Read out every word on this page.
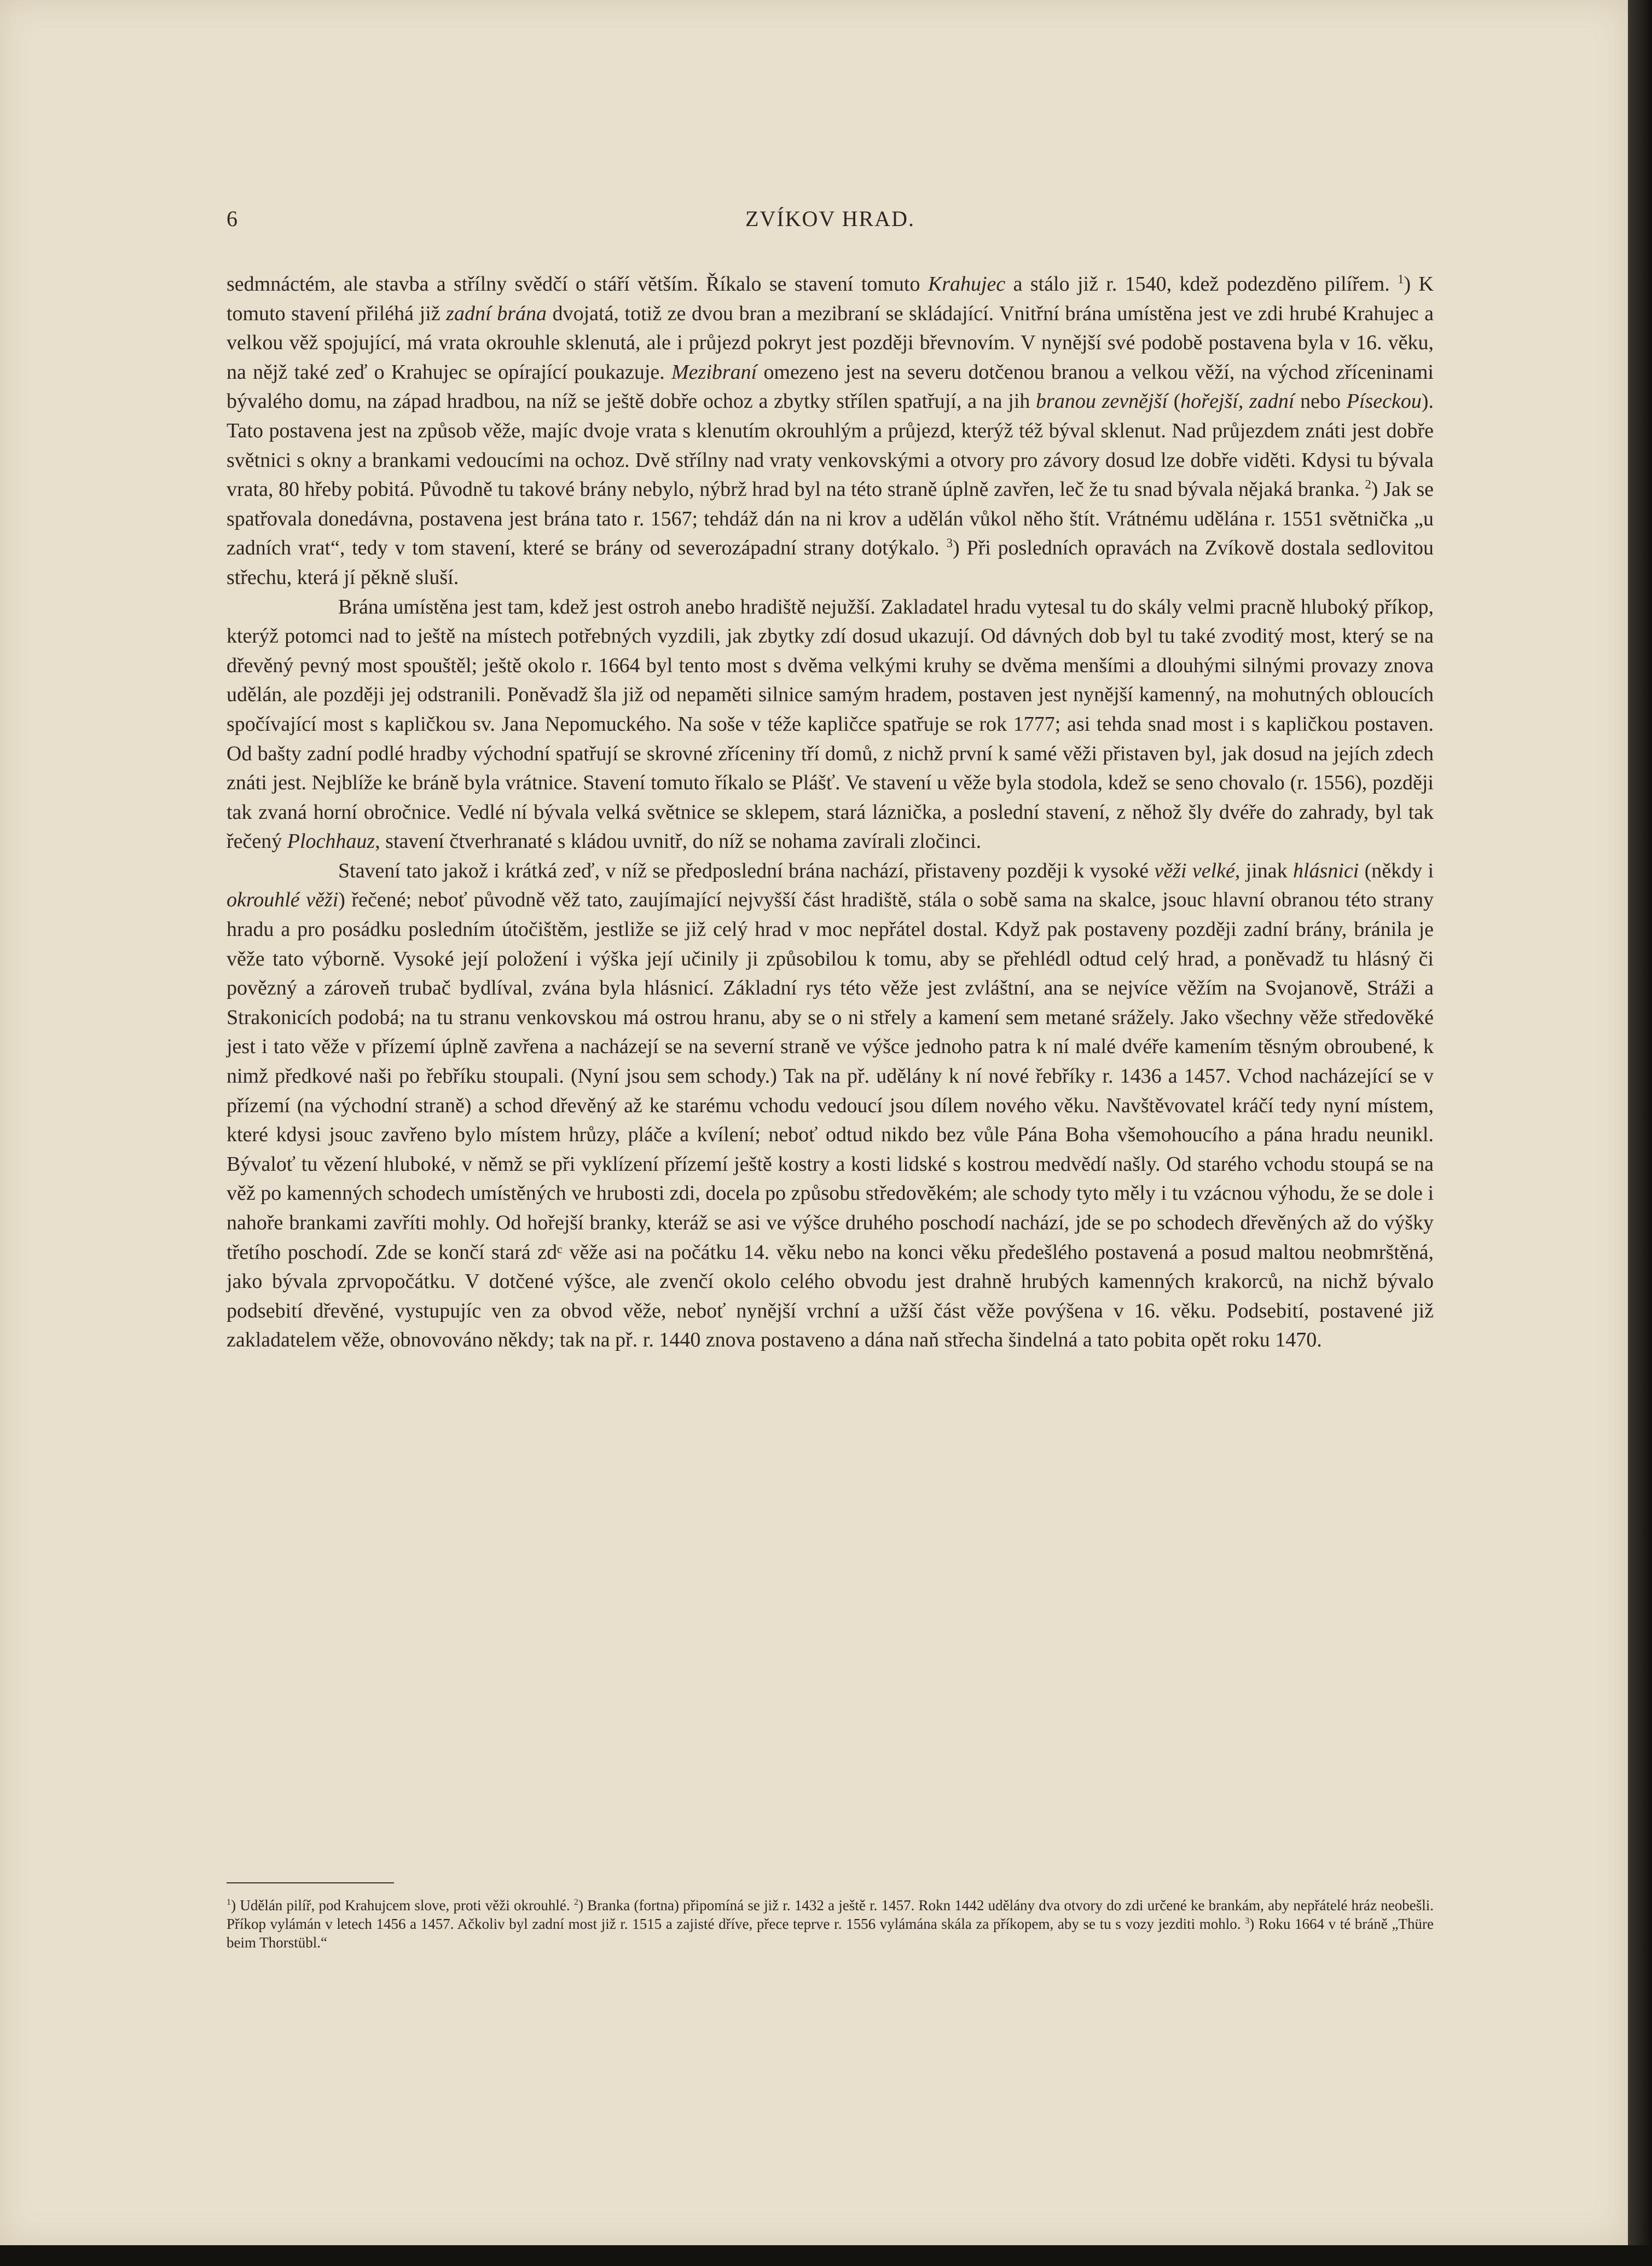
6	ZVÍKOV HRAD.

sedmnáctém, ale stavba a střílny svědčí o stáří větším. Říkalo se stavení tomuto Krahujec a stálo již r. 1540, kdež podezděno pilířem. $^1$) K tomuto stavení přiléhá již zadní brána dvojatá, totiž ze dvou bran a mezibraní se skládající. Vnitřní brána umístěna jest ve zdi hrubé Krahujec a velkou věž spojující, má vrata okrouhle sklenutá, ale i průjezd pokryt jest později břevnovím. V nynější své podobě postavena byla v 16. věku, na nějž také zeď o Krahujec se opírající poukazuje. Mezibraní omezeno jest na severu dotčenou branou a velkou věží, na východ zříceninami bývalého domu, na západ hradbou, na níž se ještě dobře ochoz a zbytky střílen spatřují, a na jih branou zevnější (hořejší, zadní nebo Píseckou). Tato postavena jest na způsob věže, majíc dvoje vrata s klenutím okrouhlým a průjezd, kterýž též býval sklenut. Nad průjezdem znáti jest dobře světnici s okny a brankami vedoucími na ochoz. Dvě střílny nad vraty venkovskými a otvory pro závory dosud lze dobře viděti. Kdysi tu bývala vrata, 80 hřeby pobitá. Původně tu takové brány nebylo, nýbrž hrad byl na této straně úplně zavřen, leč že tu snad bývala nějaká branka. $^2$) Jak se spatřovala donedávna, postavena jest brána tato r. 1567; tehdáž dán na ni krov a udělán vůkol něho štít. Vrátnému udělána r. 1551 světnička „u zadních vrat“, tedy v tom stavení, které se brány od severozápadní strany dotýkalo. $^3$) Při posledních opravách na Zvíkově dostala sedlovitou střechu, která jí pěkně sluší.

Brána umístěna jest tam, kdež jest ostroh anebo hradiště nejužší. Zakladatel hradu vytesal tu do skály velmi pracně hluboký příkop, kterýž potomci nad to ještě na místech potřebných vyzdili, jak zbytky zdí dosud ukazují. Od dávných dob byl tu také zvoditý most, který se na dřevěný pevný most spouštěl; ještě okolo r. 1664 byl tento most s dvěma velkými kruhy se dvěma menšími a dlouhými silnými provazy znova udělán, ale později jej odstranili. Poněvadž šla již od nepaměti silnice samým hradem, postaven jest nynější kamenný, na mohutných obloucích spočívající most s kapličkou sv. Jana Nepomuckého. Na soše v téže kapličce spatřuje se rok 1777; asi tehda snad most i s kapličkou postaven. Od bašty zadní podlé hradby východní spatřují se skrovné zříceniny tří domů, z nichž první k samé věži přistaven byl, jak dosud na jejích zdech znáti jest. Nejblíže ke bráně byla vrátnice. Stavení tomuto říkalo se Plášť. Ve stavení u věže byla stodola, kdež se seno chovalo (r. 1556), později tak zvaná horní obročnice. Vedlé ní bývala velká světnice se sklepem, stará láznička, a poslední stavení, z něhož šly dvéře do zahrady, byl tak řečený Plochhauz, stavení čtverhranaté s kládou uvnitř, do níž se nohama zavírali zločinci.

Stavení tato jakož i krátká zeď, v níž se předposlední brána nachází, přistaveny později k vysoké věži velké, jinak hlásnici (někdy i okrouhlé věži) řečené; neboť původně věž tato, zaujímající nejvyšší část hradiště, stála o sobě sama na skalce, jsouc hlavní obranou této strany hradu a pro posádku posledním útočištěm, jestliže se již celý hrad v moc nepřátel dostal. Když pak postaveny později zadní brány, bránila je věže tato výborně. Vysoké její položení i výška její učinily ji způsobilou k tomu, aby se přehlédl odtud celý hrad, a poněvadž tu hlásný či povězný a zároveň trubač bydlíval, zvána byla hlásnicí. Základní rys této věže jest zvláštní, ana se nejvíce věžím na Svojanově, Stráži a Strakonicích podobá; na tu stranu venkovskou má ostrou hranu, aby se o ni střely a kamení sem metané srážely. Jako všechny věže středověké jest i tato věže v přízemí úplně zavřena a nacházejí se na severní straně ve výšce jednoho patra k ní malé dvéře kamením těsným obroubené, k nimž předkové naši po řebříku stoupali. (Nyní jsou sem schody.) Tak na př. udělány k ní nové řebříky r. 1436 a 1457. Vchod nacházející se v přízemí (na východní straně) a schod dřevěný až ke starému vchodu vedoucí jsou dílem nového věku. Navštěvovatel kráčí tedy nyní místem, které kdysi jsouc zavřeno bylo místem hrůzy, pláče a kvílení; neboť odtud nikdo bez vůle Pána Boha všemohoucího a pána hradu neunikl. Bývaloť tu vězení hluboké, v němž se při vyklízení přízemí ještě kostry a kosti lidské s kostrou medvědí našly. Od starého vchodu stoupá se na věž po kamenných schodech umístěných ve hrubosti zdi, docela po způsobu středověkém; ale schody tyto měly i tu vzácnou výhodu, že se dole i nahoře brankami zavříti mohly. Od hořejší branky, kteráž se asi ve výšce druhého poschodí nachází, jde se po schodech dřevěných až do výšky třetího poschodí. Zde se končí stará zdᶜ věže asi na počátku 14. věku nebo na konci věku předešlého postavená a posud maltou neobmrštěná, jako bývala zprvopočátku. V dotčené výšce, ale zvenčí okolo celého obvodu jest drahně hrubých kamenných krakorců, na nichž bývalo podsebití dřevěné, vystupujíc ven za obvod věže, neboť nynější vrchní a užší část věže povýšena v 16. věku. Podsebití, postavené již zakladatelem věže, obnovováno někdy; tak na př. r. 1440 znova postaveno a dána naň střecha šindelná a tato pobita opět roku 1470.

$^1$) Udělán pilíř, pod Krahujcem slove, proti věži okrouhlé. $^2$) Branka (fortna) připomíná se již r. 1432 a ještě r. 1457. Rokn 1442 udělány dva otvory do zdi určené ke brankám, aby nepřátelé hráz neobešli. Příkop vylámán v letech 1456 a 1457. Ačkoliv byl zadní most již r. 1515 a zajisté dříve, přece teprve r. 1556 vylámána skála za příkopem, aby se tu s vozy jezditi mohlo. $^3$) Roku 1664 v té bráně „Thüre beim Thorstübl.“
